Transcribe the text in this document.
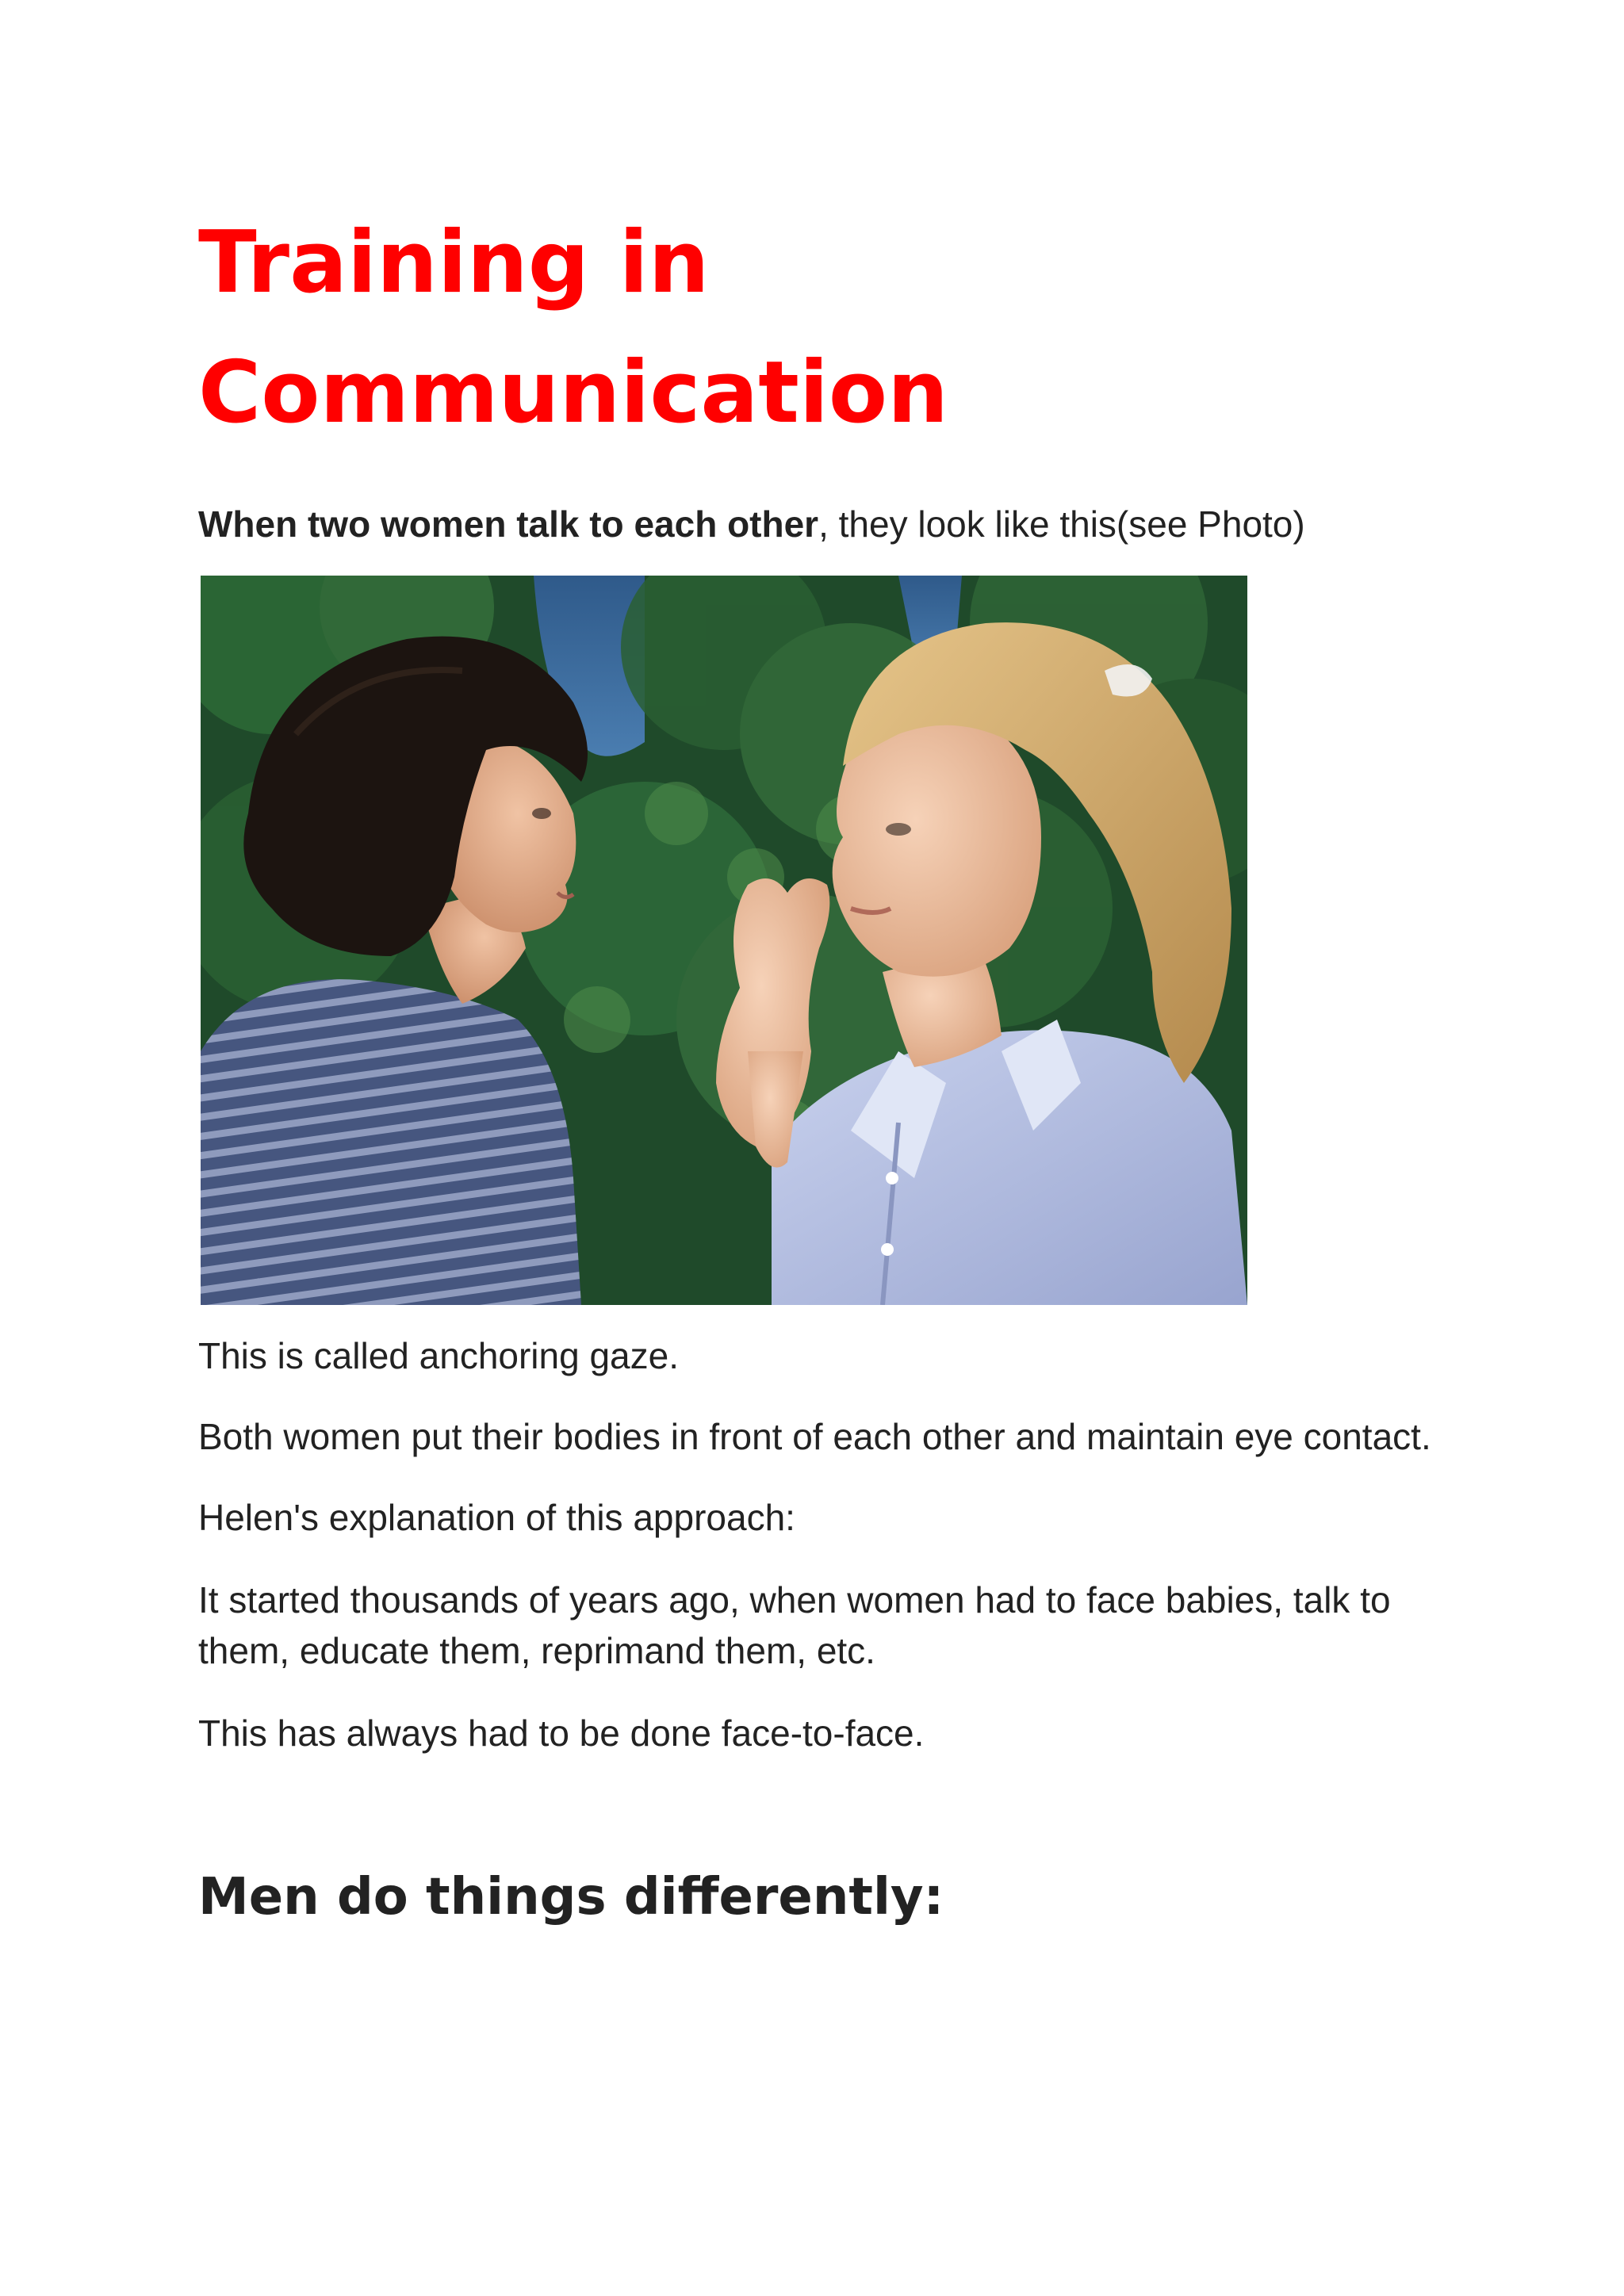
Training in Communication

When two women talk to each other, they look like this(see Photo)

This is called anchoring gaze.

Both women put their bodies in front of each other and maintain eye contact.

Helen's explanation of this approach:

It started thousands of years ago, when women had to face babies, talk to them, educate them, reprimand them, etc.

This has always had to be done face-to-face.

Men do things differently:
